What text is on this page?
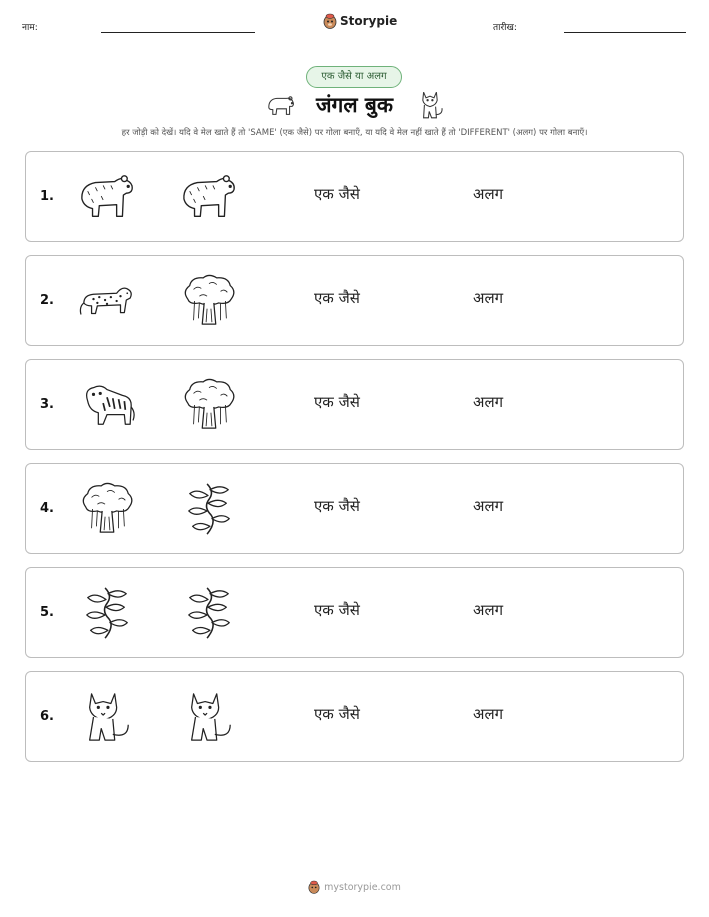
नाम:	Storypie	तारीख:
एक जैसे या अलग
जंगल बुक
हर जोड़ी को देखें। यदि वे मेल खाते हैं तो 'SAME' (एक जैसे) पर गोला बनाएँ, या यदि वे मेल नहीं खाते हैं तो 'DIFFERENT' (अलग) पर गोला बनाएँ।
1.	एक जैसे	अलग
2.	एक जैसे	अलग
3.	एक जैसे	अलग
4.	एक जैसे	अलग
5.	एक जैसे	अलग
6.	एक जैसे	अलग
mystorypie.com
